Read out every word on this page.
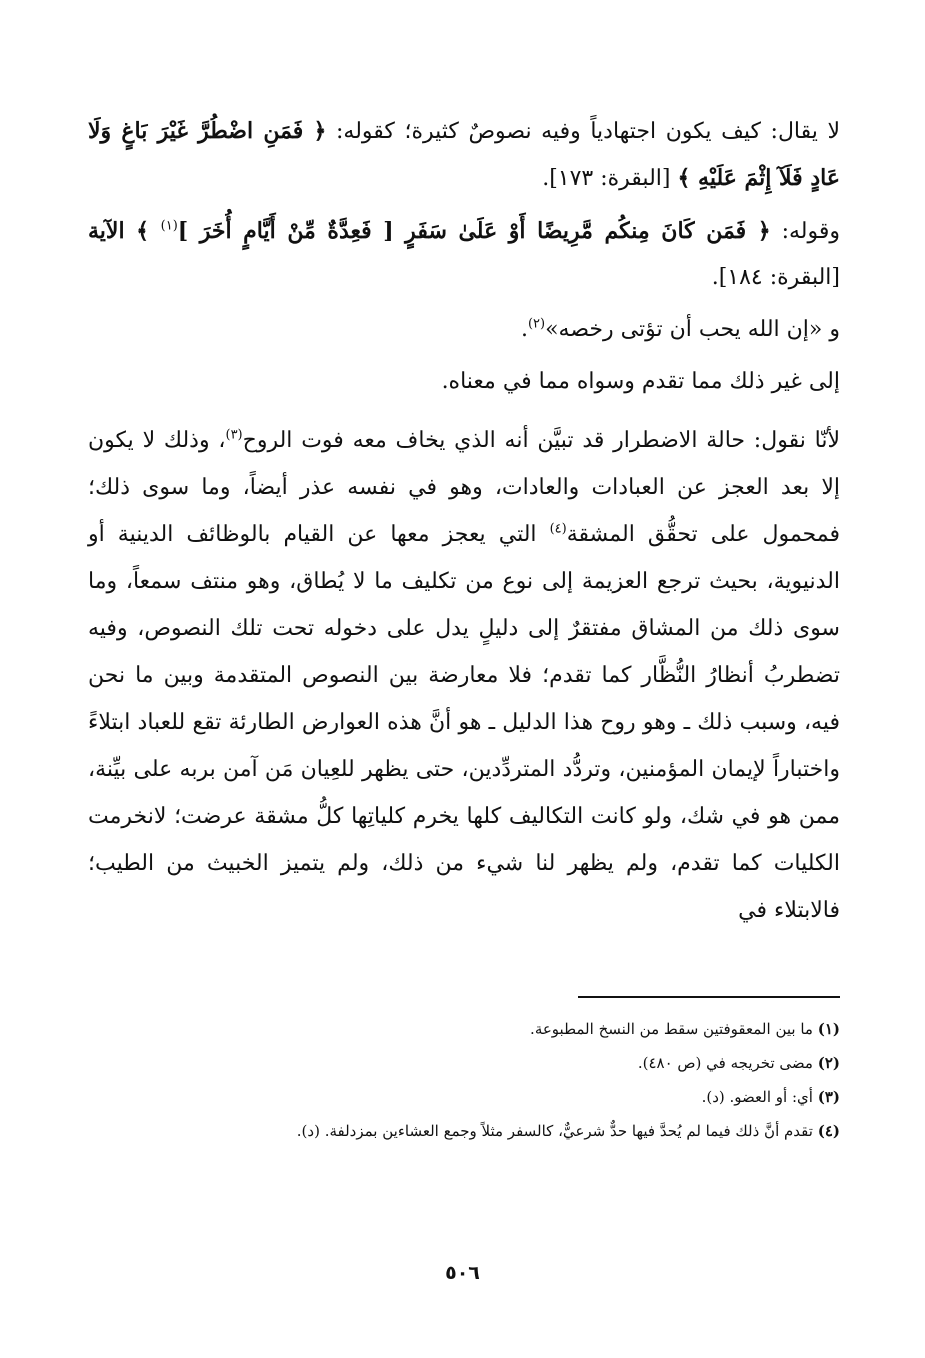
لا يقال: كيف يكون اجتهادياً وفيه نصوصٌ كثيرة؛ كقوله: ﴿ فَمَنِ اضْطُرَّ غَيْرَ بَاغٍ وَلَا عَادٍ فَلَآ إِثْمَ عَلَيْهِ ﴾ [البقرة: ١٧٣].

وقوله: ﴿ فَمَن كَانَ مِنكُم مَّرِيضًا أَوْ عَلَىٰ سَفَرٍ [ فَعِدَّةٌ مِّنْ أَيَّامٍ أُخَرَ ]$^{(١)}$ ﴾ الآية [البقرة: ١٨٤].

و «إن الله يحب أن تؤتى رخصه»$^{(٢)}$.

إلى غير ذلك مما تقدم وسواه مما في معناه.

لأنّا نقول: حالة الاضطرار قد تبيَّن أنه الذي يخاف معه فوت الروح$^{(٣)}$، وذلك لا يكون إلا بعد العجز عن العبادات والعادات، وهو في نفسه عذر أيضاً، وما سوى ذلك؛ فمحمول على تحقُّق المشقة$^{(٤)}$ التي يعجز معها عن القيام بالوظائف الدينية أو الدنيوية، بحيث ترجع العزيمة إلى نوع من تكليف ما لا يُطاق، وهو منتف سمعاً، وما سوى ذلك من المشاق مفتقرٌ إلى دليلٍ يدل على دخوله تحت تلك النصوص، وفيه تضطربُ أنظارُ النُّظَّار كما تقدم؛ فلا معارضة بين النصوص المتقدمة وبين ما نحن فيه، وسبب ذلك ـ وهو روح هذا الدليل ـ هو أنَّ هذه العوارض الطارئة تقع للعباد ابتلاءً واختباراً لإيمان المؤمنين، وتردُّد المتردِّدين، حتى يظهر للعِيان مَن آمن بربه على بيِّنة، ممن هو في شك، ولو كانت التكاليف كلها يخرم كلياتِها كلُّ مشقة عرضت؛ لانخرمت الكليات كما تقدم، ولم يظهر لنا شيء من ذلك، ولم يتميز الخبيث من الطيب؛ فالابتلاء في

(١) ما بين المعقوفتين سقط من النسخ المطبوعة.

(٢) مضى تخريجه في (ص ٤٨٠).

(٣) أي: أو العضو. (د).

(٤) تقدم أنَّ ذلك فيما لم يُحدَّ فيها حدٌّ شرعيٌّ، كالسفر مثلاً وجمع العشاءين بمزدلفة. (د).

٥٠٦
